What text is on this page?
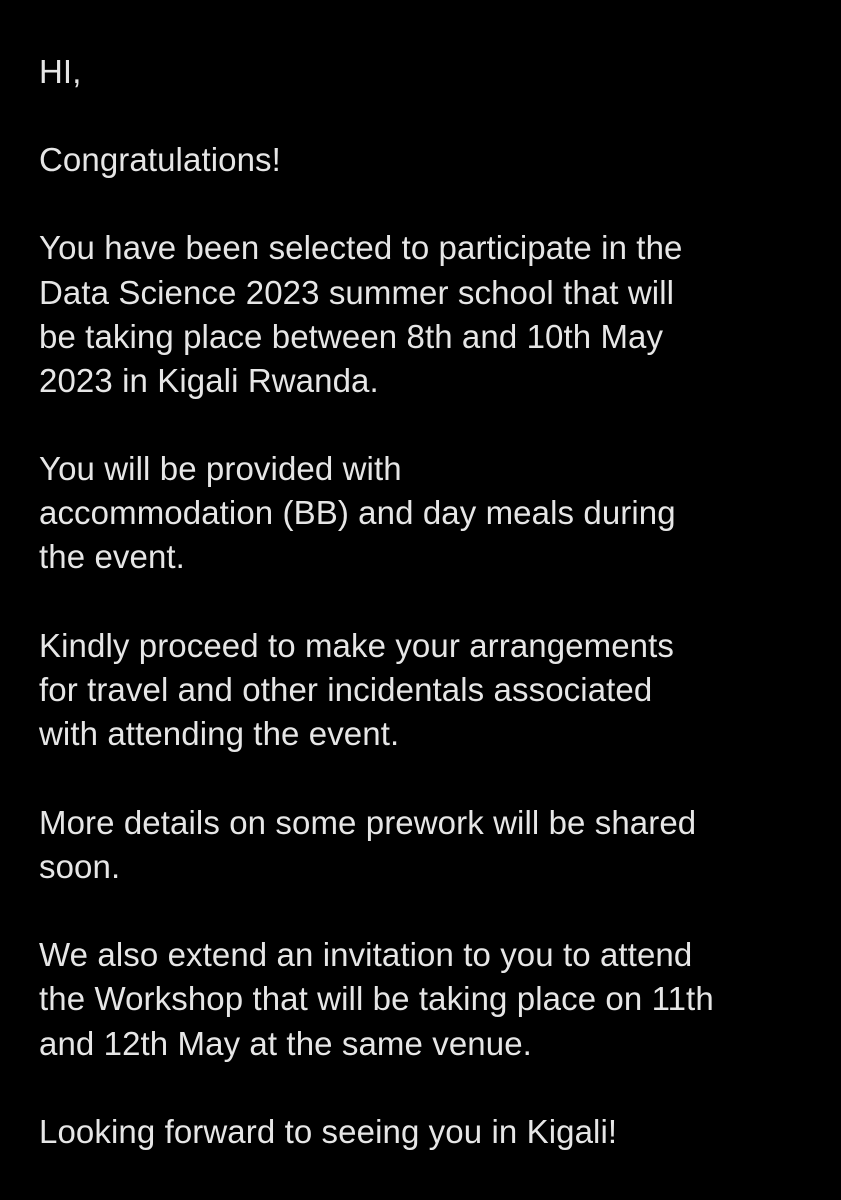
HI,
Congratulations!
You have been selected to participate in the
Data Science 2023 summer school that will
be taking place between 8th and 10th May
2023 in Kigali Rwanda.
You will be provided with
accommodation (BB) and day meals during
the event.
Kindly proceed to make your arrangements
for travel and other incidentals associated
with attending the event.
More details on some prework will be shared
soon.
We also extend an invitation to you to attend
the Workshop that will be taking place on 11th
and 12th May at the same venue.
Looking forward to seeing you in Kigali!
